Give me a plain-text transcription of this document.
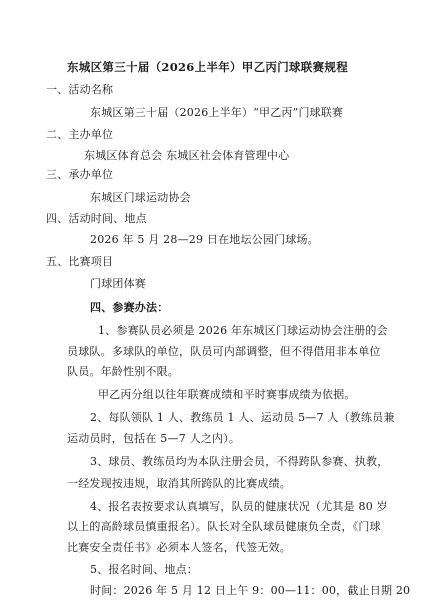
东城区第三十届（2026上半年）甲乙丙门球联赛规程
一、活动名称
东城区第三十届（2026上半年）“甲乙丙”门球联赛
二、主办单位
东城区体育总会 东城区社会体育管理中心
三、承办单位
东城区门球运动协会
四、活动时间、地点
2026 年 5 月 28—29 日在地坛公园门球场。
五、比赛项目
门球团体赛
四、参赛办法：
1、参赛队员必须是 2026 年东城区门球运动协会注册的会
员球队。多球队的单位，队员可内部调整，但不得借用非本单位
队员。年龄性别不限。
甲乙丙分组以往年联赛成绩和平时赛事成绩为依据。
2、每队领队 1 人、教练员 1 人、运动员 5—7 人（教练员兼
运动员时，包括在 5—7 人之内）。
3、球员、教练员均为本队注册会员，不得跨队参赛、执教，
一经发现按违规，取消其所跨队的比赛成绩。
4、报名表按要求认真填写，队员的健康状况（尤其是 80 岁
以上的高龄球员慎重报名）。队长对全队球员健康负全责，《门球
比赛安全责任书》必须本人签名，代签无效。
5、报名时间、地点：
时间：2026 年 5 月 12 日上午 9：00—11：00，截止日期 20
